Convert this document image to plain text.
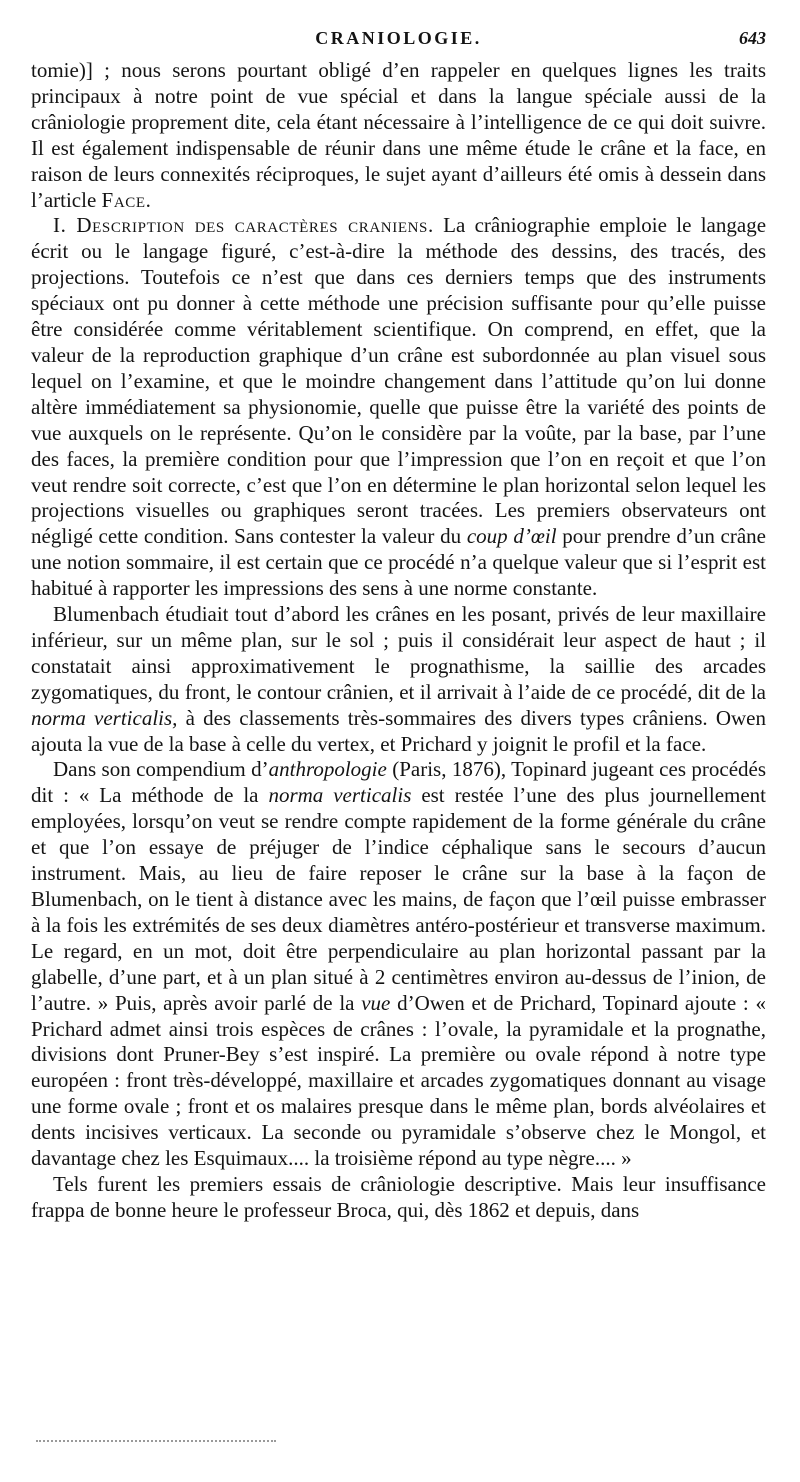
CRANIOLOGIE.	643

tomie)] ; nous serons pourtant obligé d’en rappeler en quelques lignes les traits principaux à notre point de vue spécial et dans la langue spéciale aussi de la crâniologie proprement dite, cela étant nécessaire à l’intelligence de ce qui doit suivre. Il est également indispensable de réunir dans une même étude le crâne et la face, en raison de leurs connexités réciproques, le sujet ayant d’ailleurs été omis à dessein dans l’article Face.

I. Description des caractères craniens. La crâniographie emploie le langage écrit ou le langage figuré, c’est-à-dire la méthode des dessins, des tracés, des projections. Toutefois ce n’est que dans ces derniers temps que des instruments spéciaux ont pu donner à cette méthode une précision suffisante pour qu’elle puisse être considérée comme véritablement scientifique. On comprend, en effet, que la valeur de la reproduction graphique d’un crâne est subordonnée au plan visuel sous lequel on l’examine, et que le moindre changement dans l’attitude qu’on lui donne altère immédiatement sa physionomie, quelle que puisse être la variété des points de vue auxquels on le représente. Qu’on le considère par la voûte, par la base, par l’une des faces, la première condition pour que l’impression que l’on en reçoit et que l’on veut rendre soit correcte, c’est que l’on en détermine le plan horizontal selon lequel les projections visuelles ou graphiques seront tracées. Les premiers observateurs ont négligé cette condition. Sans contester la valeur du coup d’œil pour prendre d’un crâne une notion sommaire, il est certain que ce procédé n’a quelque valeur que si l’esprit est habitué à rapporter les impressions des sens à une norme constante.

Blumenbach étudiait tout d’abord les crânes en les posant, privés de leur maxillaire inférieur, sur un même plan, sur le sol ; puis il considérait leur aspect de haut ; il constatait ainsi approximativement le prognathisme, la saillie des arcades zygomatiques, du front, le contour crânien, et il arrivait à l’aide de ce procédé, dit de la norma verticalis, à des classements très-sommaires des divers types crâniens. Owen ajouta la vue de la base à celle du vertex, et Prichard y joignit le profil et la face.

Dans son compendium d’anthropologie (Paris, 1876), Topinard jugeant ces procédés dit : « La méthode de la norma verticalis est restée l’une des plus journellement employées, lorsqu’on veut se rendre compte rapidement de la forme générale du crâne et que l’on essaye de préjuger de l’indice céphalique sans le secours d’aucun instrument. Mais, au lieu de faire reposer le crâne sur la base à la façon de Blumenbach, on le tient à distance avec les mains, de façon que l’œil puisse embrasser à la fois les extrémités de ses deux diamètres antéro-postérieur et transverse maximum. Le regard, en un mot, doit être perpendiculaire au plan horizontal passant par la glabelle, d’une part, et à un plan situé à 2 centimètres environ au-dessus de l’inion, de l’autre. » Puis, après avoir parlé de la vue d’Owen et de Prichard, Topinard ajoute : « Prichard admet ainsi trois espèces de crânes : l’ovale, la pyramidale et la prognathe, divisions dont Pruner-Bey s’est inspiré. La première ou ovale répond à notre type européen : front très-développé, maxillaire et arcades zygomatiques donnant au visage une forme ovale ; front et os malaires presque dans le même plan, bords alvéolaires et dents incisives verticaux. La seconde ou pyramidale s’observe chez le Mongol, et davantage chez les Esquimaux.... la troisième répond au type nègre.... »

Tels furent les premiers essais de crâniologie descriptive. Mais leur insuffisance frappa de bonne heure le professeur Broca, qui, dès 1862 et depuis, dans
